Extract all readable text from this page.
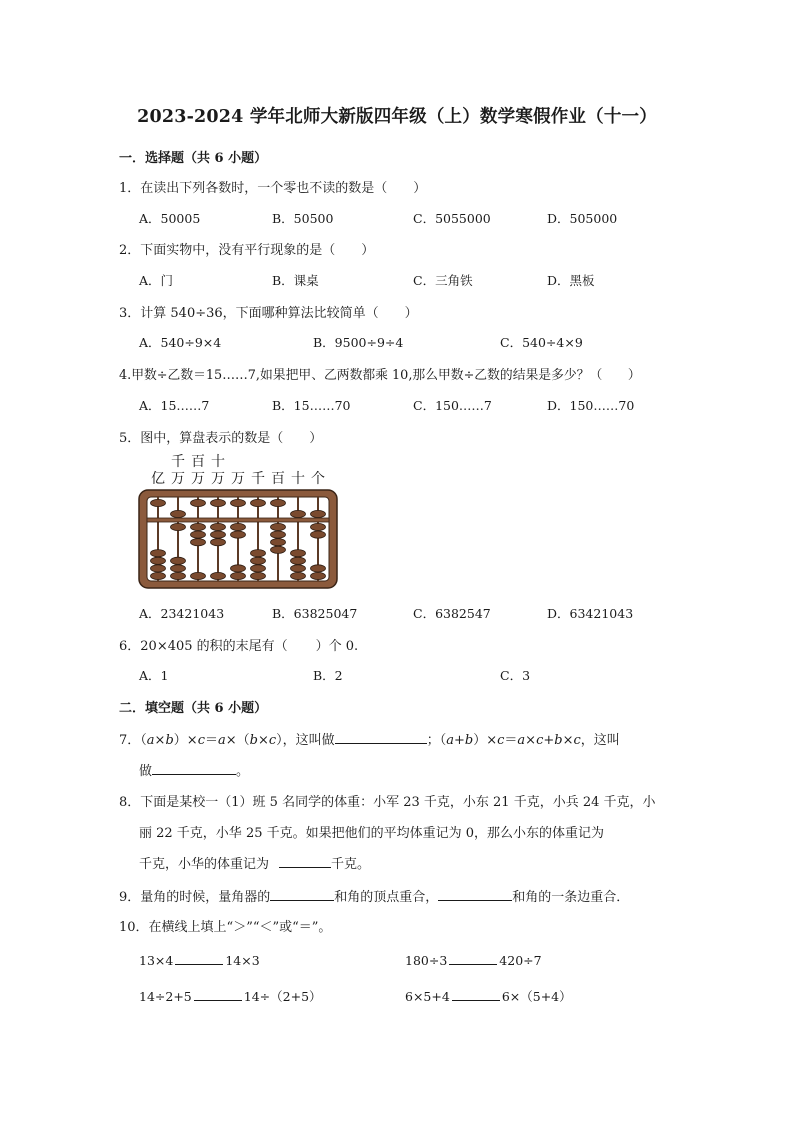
2023-2024 学年北师大新版四年级（上）数学寒假作业（十一）
一．选择题（共 6 小题）
1．在读出下列各数时，一个零也不读的数是（　　）
A．50005	B．50500	C．5055000	D．505000
2．下面实物中，没有平行现象的是（　　）
A．门	B．课桌	C．三角铁	D．黑板
3．计算 540÷36，下面哪种算法比较简单（　　）
A．540÷9×4	B．9500÷9÷4	C．540÷4×9
4.甲数÷乙数＝15……7,如果把甲、乙两数都乘 10,那么甲数÷乙数的结果是多少？（　　）
A．15……7	B．15……70	C．150……7	D．150……70
5．图中，算盘表示的数是（　　）
千 百 十
亿 万 万 万 万 千 百 十 个
A．23421043	B．63825047	C．6382547	D．63421043
6．20×405 的积的末尾有（ ）个 0.
A．1	B．2	C．3
二．填空题（共 6 小题）
7．（a×b）×c＝a×（b×c），这叫做	；（a+b）×c＝a×c+b×c，这叫
做	。
8．下面是某校一（1）班 5 名同学的体重：小军 23 千克，小东 21 千克，小兵 24 千克，小
丽 22 千克，小华 25 千克。如果把他们的平均体重记为 0，那么小东的体重记为
千克，小华的体重记为	千克。
9．量角的时候，量角器的	和角的顶点重合，	和角的一条边重合．
10．在横线上填上“＞”“＜”或“＝”。
13×4	14×3	180÷3	420÷7
14÷2+5	14÷（2+5）	6×5+4	6×（5+4）
